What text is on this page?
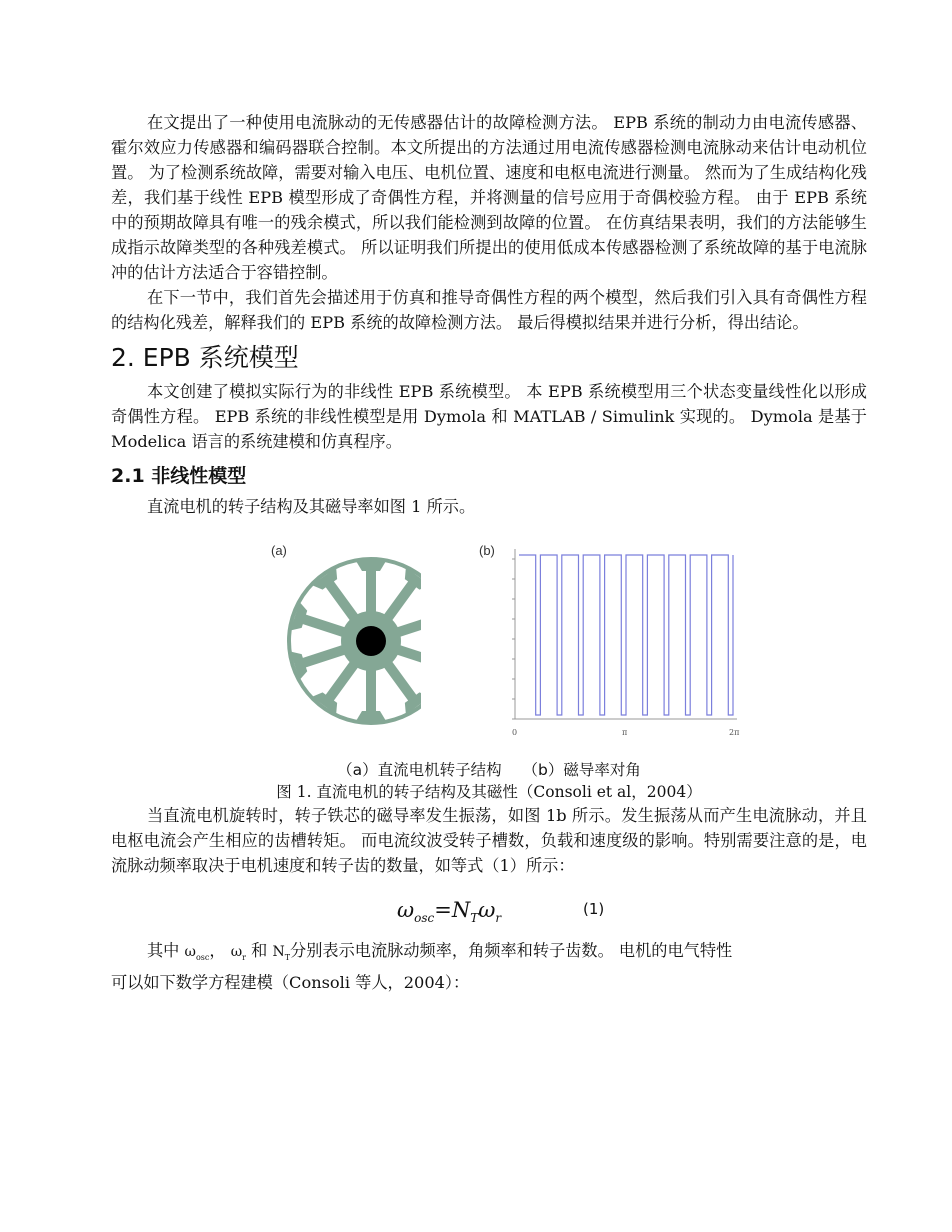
在文提出了一种使用电流脉动的无传感器估计的故障检测方法。 EPB 系统的制动力由电流传感器、霍尔效应力传感器和编码器联合控制。本文所提出的方法通过用电流传感器检测电流脉动来估计电动机位置。 为了检测系统故障，需要对输入电压、电机位置、速度和电枢电流进行测量。 然而为了生成结构化残差，我们基于线性 EPB 模型形成了奇偶性方程，并将测量的信号应用于奇偶校验方程。 由于 EPB 系统中的预期故障具有唯一的残余模式，所以我们能检测到故障的位置。 在仿真结果表明，我们的方法能够生成指示故障类型的各种残差模式。 所以证明我们所提出的使用低成本传感器检测了系统故障的基于电流脉冲的估计方法适合于容错控制。

在下一节中，我们首先会描述用于仿真和推导奇偶性方程的两个模型，然后我们引入具有奇偶性方程的结构化残差，解释我们的 EPB 系统的故障检测方法。 最后得模拟结果并进行分析，得出结论。

2. EPB 系统模型

本文创建了模拟实际行为的非线性 EPB 系统模型。 本 EPB 系统模型用三个状态变量线性化以形成奇偶性方程。 EPB 系统的非线性模型是用 Dymola 和 MATLAB / Simulink 实现的。 Dymola 是基于 Modelica 语言的系统建模和仿真程序。

2.1 非线性模型

直流电机的转子结构及其磁导率如图 1 所示。

(a)	(b)
0	π	2π
（a）直流电机转子结构 （b）磁导率对角
图 1. 直流电机的转子结构及其磁性（Consoli et al，2004）

当直流电机旋转时，转子铁芯的磁导率发生振荡，如图 1b 所示。发生振荡从而产生电流脉动，并且电枢电流会产生相应的齿槽转矩。 而电流纹波受转子槽数，负载和速度级的影响。特别需要注意的是，电流脉动频率取决于电机速度和转子齿的数量，如等式（1）所示：

$\omega_{osc}=N_T\omega_r$
(1)

其中 $\omega_{osc}$， $\omega_r$ 和 $N_T$分别表示电流脉动频率，角频率和转子齿数。 电机的电气特性

可以如下数学方程建模（Consoli 等人，2004）：
